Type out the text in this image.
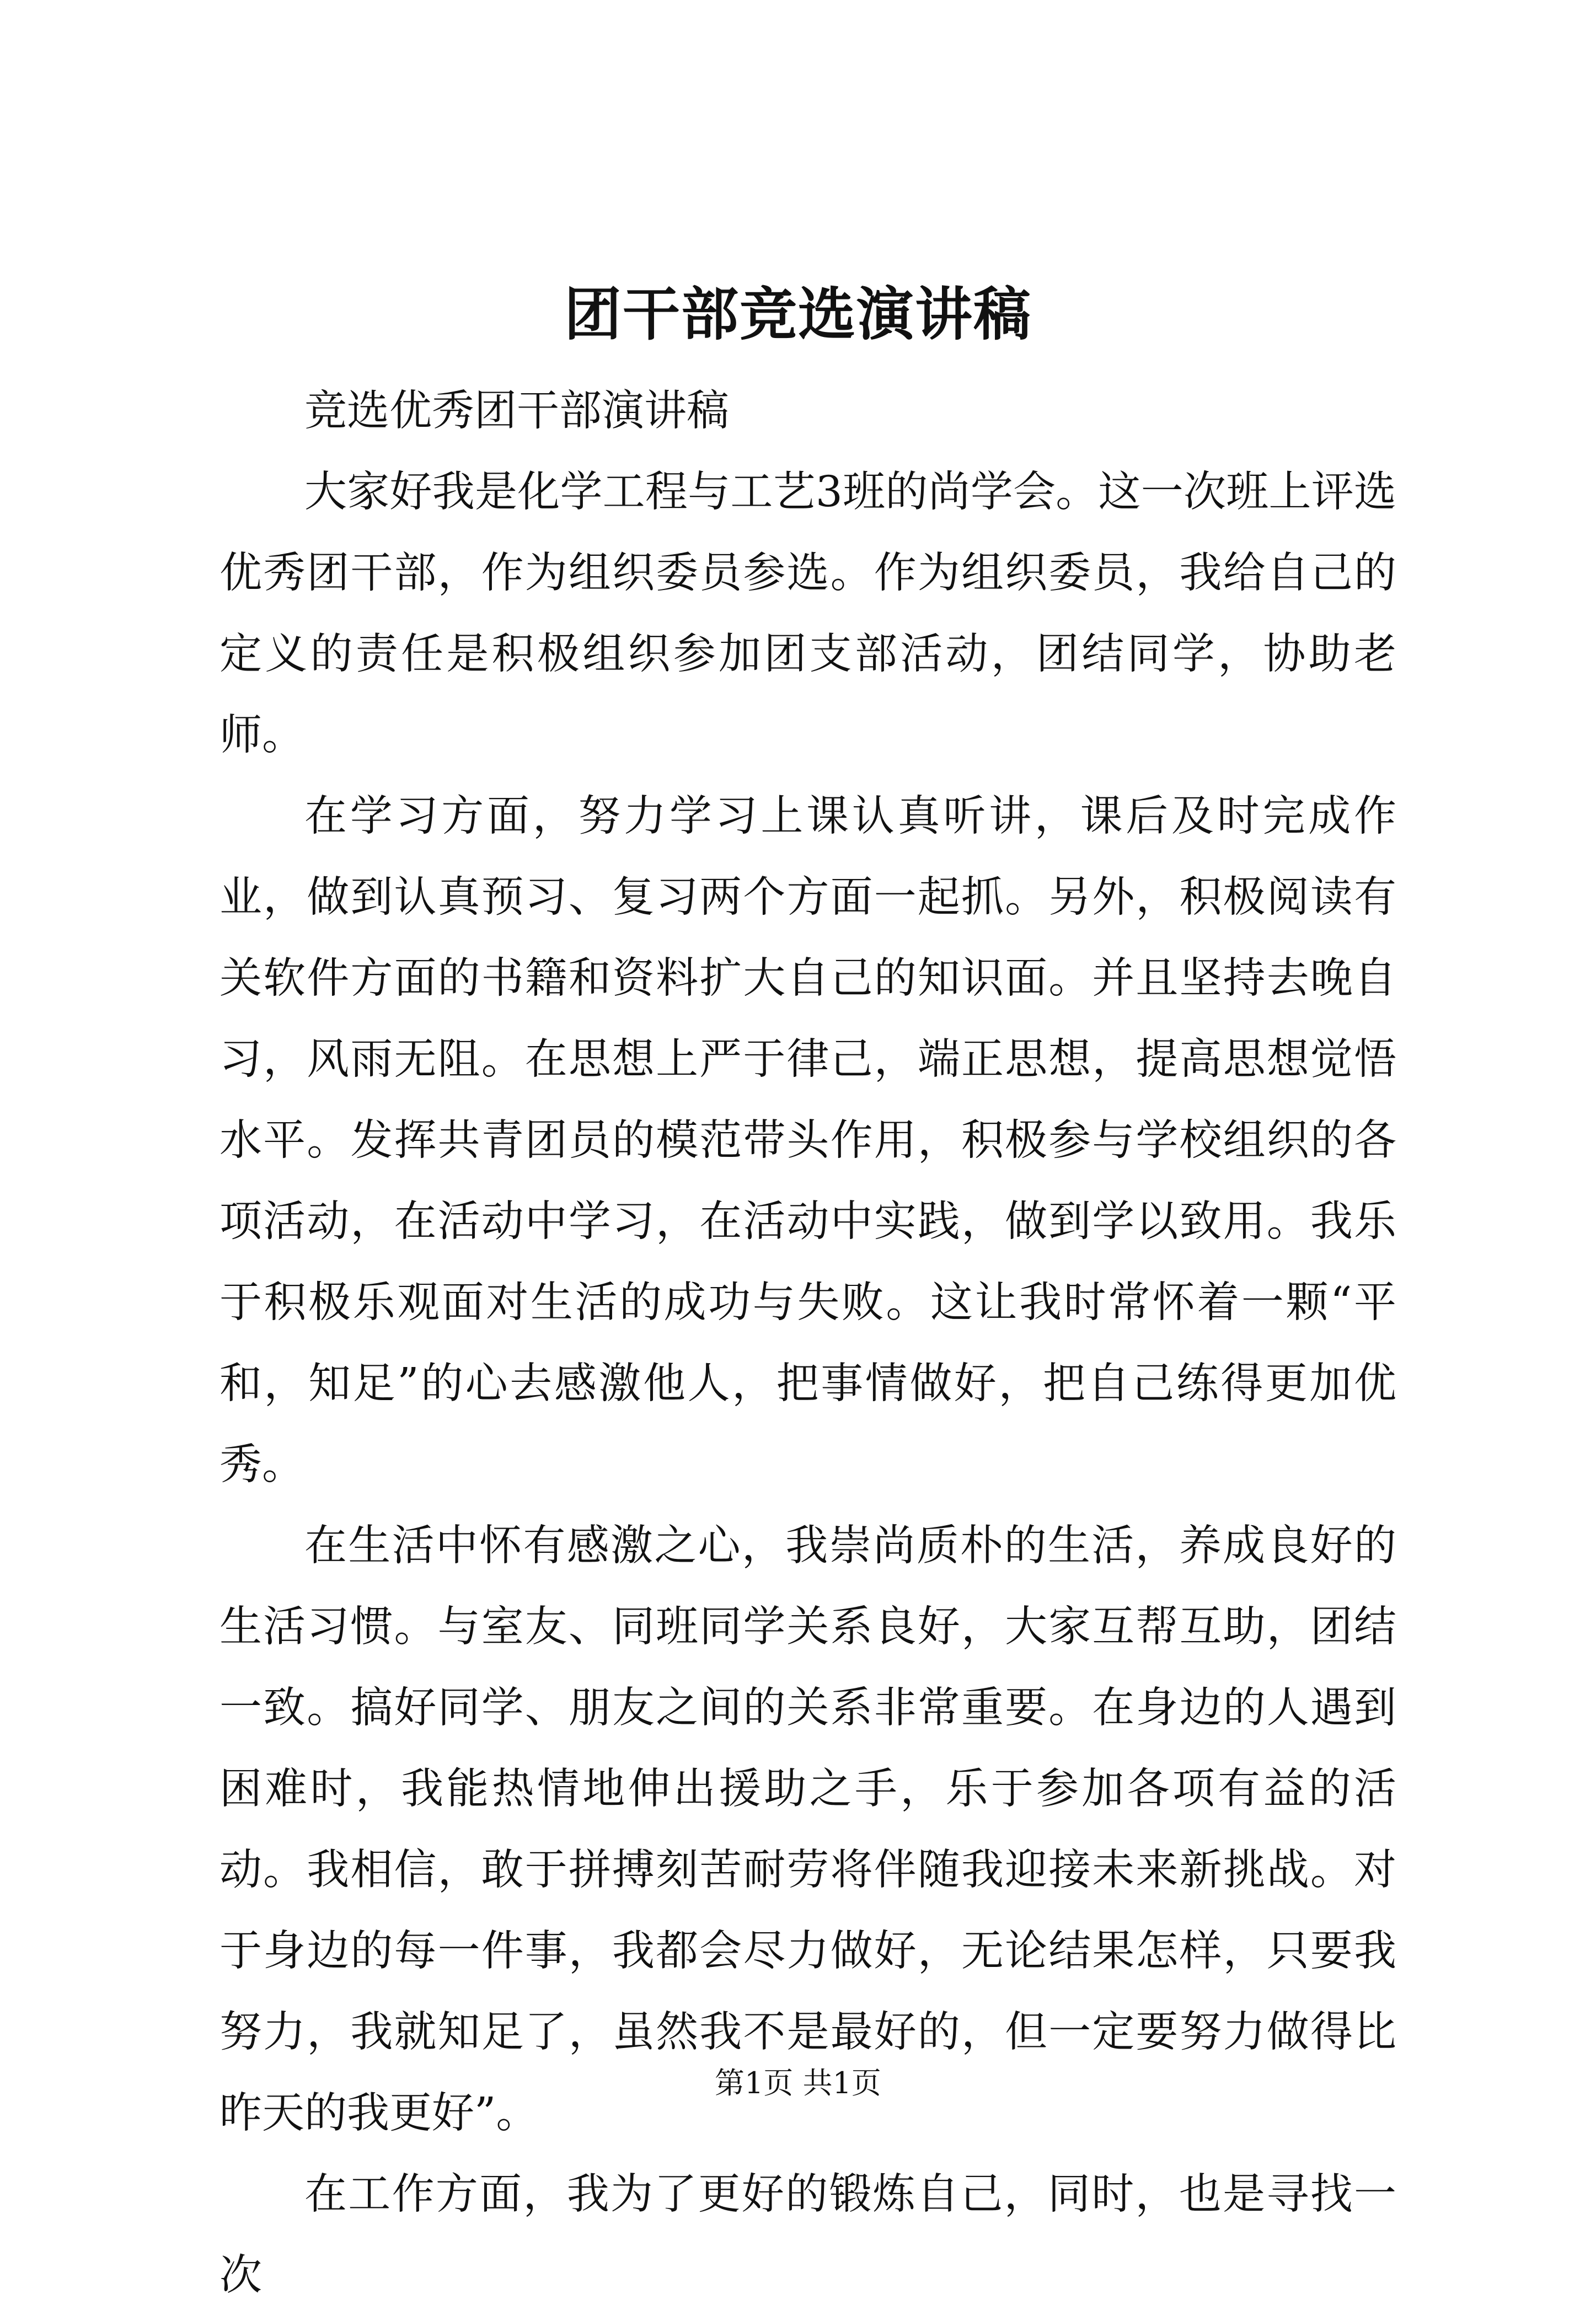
团干部竞选演讲稿

竞选优秀团干部演讲稿

大家好我是化学工程与工艺3班的尚学会。这一次班上评选优秀团干部，作为组织委员参选。作为组织委员，我给自己的定义的责任是积极组织参加团支部活动，团结同学，协助老师。

在学习方面，努力学习上课认真听讲，课后及时完成作业，做到认真预习、复习两个方面一起抓。另外，积极阅读有关软件方面的书籍和资料扩大自己的知识面。并且坚持去晚自习，风雨无阻。在思想上严于律己，端正思想，提高思想觉悟水平。发挥共青团员的模范带头作用，积极参与学校组织的各项活动，在活动中学习，在活动中实践，做到学以致用。我乐于积极乐观面对生活的成功与失败。这让我时常怀着一颗“平和，知足”的心去感激他人，把事情做好，把自己练得更加优秀。

在生活中怀有感激之心，我崇尚质朴的生活，养成良好的生活习惯。与室友、同班同学关系良好，大家互帮互助，团结一致。搞好同学、朋友之间的关系非常重要。在身边的人遇到困难时，我能热情地伸出援助之手，乐于参加各项有益的活动。我相信，敢于拼搏刻苦耐劳将伴随我迎接未来新挑战。对于身边的每一件事，我都会尽力做好，无论结果怎样，只要我努力，我就知足了，虽然我不是最好的，但一定要努力做得比昨天的我更好”。

在工作方面，我为了更好的锻炼自己，同时，也是寻找一次

第1页 共1页
